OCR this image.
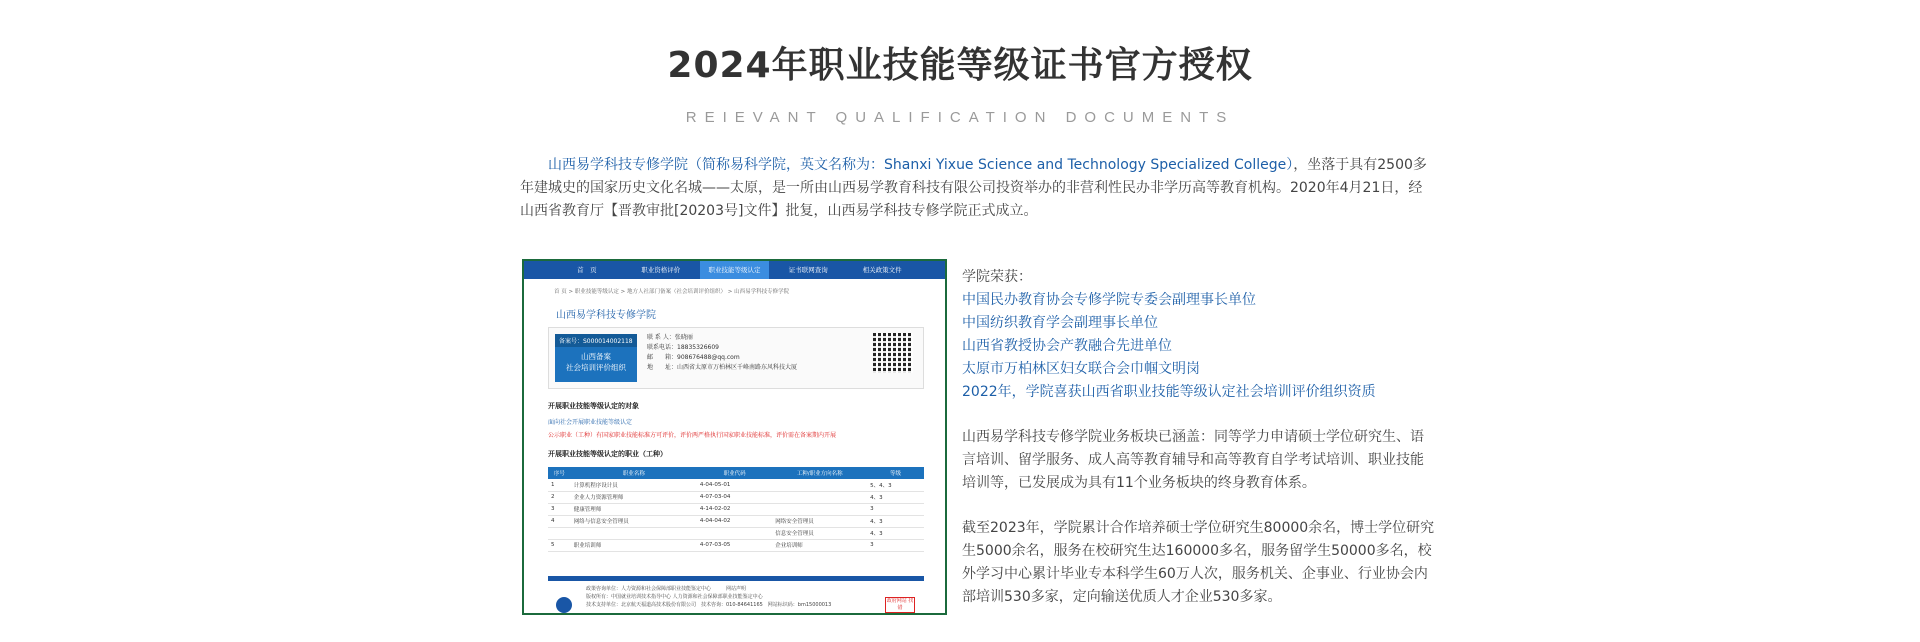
2024年职业技能等级证书官方授权
REIEVANT QUALIFICATION DOCUMENTS

山西易学科技专修学院（简称易科学院，英文名称为：Shanxi Yixue Science and Technology Specialized College），坐落于具有2500多年建城史的国家历史文化名城——太原，是一所由山西易学教育科技有限公司投资举办的非营利性民办非学历高等教育机构。2020年4月21日，经山西省教育厅【晋教审批[20203号]文件】批复，山西易学科技专修学院正式成立。

首　页	职业资格评价	职业技能等级认定	证书联网查询	相关政策文件
首 页 > 职业技能等级认定 > 地方人社部门备案（社会培训评价组织） > 山西易学科技专修学院
山西易学科技专修学院
备案号：S000014002118
山西备案
社会培训评价组织
联 系 人：张晓丽
联系电话：18835326609
邮　　箱：908676488@qq.com
地　　址：山西省太原市万柏林区千峰南路东风科技大厦
开展职业技能等级认定的对象
面向社会开展职业技能等级认定
公示职业（工种）有国家职业技能标准方可评价，评价两严格执行国家职业技能标准，评价需在备案期内开展
开展职业技能等级认定的职业（工种）
序号	职业名称	职业代码	工种/职业方向名称	等级
1	计算机程序设计员	4-04-05-01		5、4、3
2	企业人力资源管理师	4-07-03-04		4、3
3	健康管理师	4-14-02-02		3
4	网络与信息安全管理员	4-04-04-02	网络安全管理员	4、3
			信息安全管理员	4、3
5	职业培训师	4-07-03-05	企业培训师	3
政策咨询单位：人力资源和社会保障部职业技能鉴定中心　　　网站声明
版权所有：中国就业培训技术指导中心 人力资源和社会保障部职业技能鉴定中心
技术支持单位：北京航天福道高技术股份有限公司　技术咨询：010-84641165　网站标识码：bm15000013
政府网站 找错
学院荣获：
中国民办教育协会专修学院专委会副理事长单位
中国纺织教育学会副理事长单位
山西省教授协会产教融合先进单位
太原市万柏林区妇女联合会巾帼文明岗
2022年，学院喜获山西省职业技能等级认定社会培训评价组织资质

山西易学科技专修学院业务板块已涵盖：同等学力申请硕士学位研究生、语言培训、留学服务、成人高等教育辅导和高等教育自学考试培训、职业技能培训等，已发展成为具有11个业务板块的终身教育体系。

截至2023年，学院累计合作培养硕士学位研究生80000余名，博士学位研究生5000余名，服务在校研究生达160000多名，服务留学生50000多名，校外学习中心累计毕业专本科学生60万人次，服务机关、企事业、行业协会内部培训530多家，定向输送优质人才企业530多家。
